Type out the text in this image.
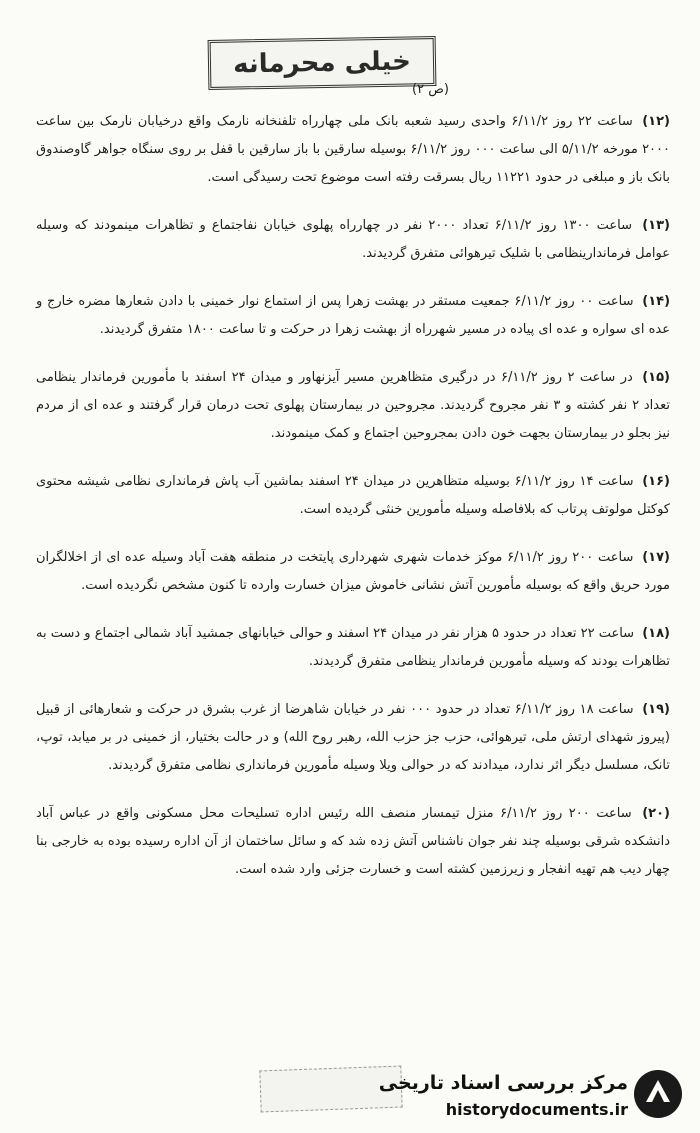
خیلی محرمانه
(ص ۲)
(۱۲) ساعت ۲۲ روز ۶/۱۱/۲ واحدی رسید شعبه بانک ملی چهارراه تلفنخانه نارمک واقع درخیابان نارمک بین ساعت ۲۰۰۰ مورخه ۵/۱۱/۲ الی ساعت ۰۰۰ روز ۶/۱۱/۲ بوسیله سارقین با باز سارقین با قفل بر روی سنگاه جواهر گاوصندوق بانک باز و مبلغی در حدود ۱۱۲۲۱ ریال بسرقت رفته است موضوع تحت رسیدگی است.
(۱۳) ساعت ۱۳۰۰ روز ۶/۱۱/۲ تعداد ۲۰۰۰ نفر در چهارراه پهلوی خیابان نفاجتماع و تظاهرات مینمودند که وسیله عوامل فرماندارینظامی با شلیک تیرهوائی متفرق گردیدند.
(۱۴) ساعت ۰۰ روز ۶/۱۱/۲ جمعیت مستقر در بهشت زهرا پس از استماع نوار خمینی با دادن شعارها مضره خارج و عده ای سواره و عده ای پیاده در مسیر شهرراه از بهشت زهرا در حرکت و تا ساعت ۱۸۰۰ متفرق گردیدند.
(۱۵) در ساعت ۲ روز ۶/۱۱/۲ در درگیری متظاهرین مسیر آیزنهاور و میدان ۲۴ اسفند با مأمورین فرماندار ینظامی تعداد ۲ نفر کشته و ۳ نفر مجروح گردیدند. مجروحین در بیمارستان پهلوی تحت درمان قرار گرفتند و عده ای از مردم نیز بجلو در بیمارستان بجهت خون دادن بمجروحین اجتماع و کمک مینمودند.
(۱۶) ساعت ۱۴ روز ۶/۱۱/۲ بوسیله متظاهرین در میدان ۲۴ اسفند بماشین آب پاش فرمانداری نظامی شیشه محتوی کوکتل مولوتف پرتاب که بلافاصله وسیله مأمورین خنثی گردیده است.
(۱۷) ساعت ۲۰۰ روز ۶/۱۱/۲ موکز خدمات شهری شهرداری پایتخت در منطقه هفت آباد وسیله عده ای از اخلالگران مورد حریق واقع که بوسیله مأمورین آتش نشانی خاموش میزان خسارت وارده تا کنون مشخص نگردیده است.
(۱۸) ساعت ۲۲ تعداد در حدود ۵ هزار نفر در میدان ۲۴ اسفند و حوالی خیابانهای جمشید آباد شمالی اجتماع و دست به تظاهرات بودند که وسیله مأمورین فرماندار ینظامی متفرق گردیدند.
(۱۹) ساعت ۱۸ روز ۶/۱۱/۲ تعداد در حدود ۰۰۰ نفر در خیابان شاهرضا از غرب بشرق در حرکت و شعارهائی از قبیل (پیروز شهدای ارتش ملی، تیرهوائی، حزب جز حزب الله، رهبر روح الله) و در حالت بختیار، از خمینی در بر میابد، توپ، تانک، مسلسل دیگر اثر ندارد، میدادند که در حوالی ویلا وسیله مأمورین فرمانداری نظامی متفرق گردیدند.
(۲۰) ساعت ۲۰۰ روز ۶/۱۱/۲ منزل تیمسار منصف الله رئیس اداره تسلیحات محل مسکونی واقع در عباس آباد دانشکده شرقی بوسیله چند نفر جوان ناشناس آتش زده شد که و سائل ساختمان از آن اداره رسیده بوده به خارجی بنا چهار دیب هم تهیه انفجار و زیرزمین کشته است و خسارت جزئی وارد شده است.
مرکز بررسی اسناد تاریخی
historydocuments.ir
